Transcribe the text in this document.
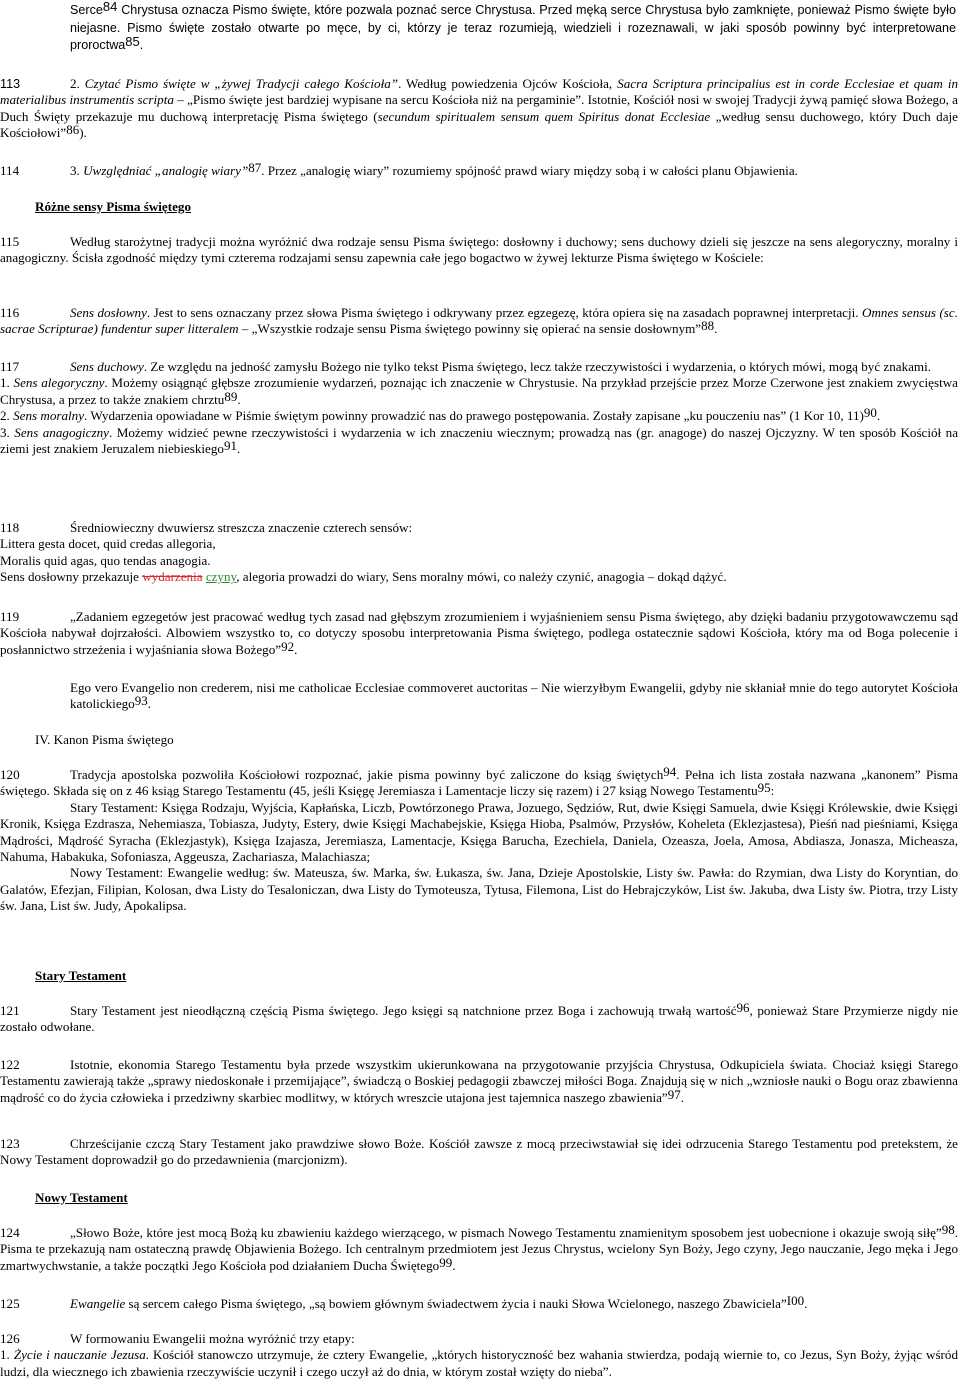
Serce$^{84}$ Chrystusa oznacza Pismo święte, które pozwala poznać serce Chrystusa. Przed męką serce Chrystusa było zamknięte, ponieważ Pismo święte było niejasne. Pismo święte zostało otwarte po męce, by ci, którzy je teraz rozumieją, wiedzieli i rozeznawali, w jaki sposób powinny być interpretowane proroctwa$^{85}$.
113	2. Czytać Pismo święte w „żywej Tradycji całego Kościoła”. Według powiedzenia Ojców Kościoła, Sacra Scriptura principalius est in corde Ecclesiae et quam in materialibus instrumentis scripta – „Pismo święte jest bardziej wypisane na sercu Kościoła niż na pergaminie”. Istotnie, Kościół nosi w swojej Tradycji żywą pamięć słowa Bożego, a Duch Święty przekazuje mu duchową interpretację Pisma świętego (secundum spiritualem sensum quem Spiritus donat Ecclesiae „według sensu duchowego, który Duch daje Kościołowi”$^{86}$).
114	3. Uwzględniać „analogię wiary”$^{87}$. Przez „analogię wiary” rozumiemy spójność prawd wiary między sobą i w całości planu Objawienia.
Różne sensy Pisma świętego
115	Według starożytnej tradycji można wyróżnić dwa rodzaje sensu Pisma świętego: dosłowny i duchowy; sens duchowy dzieli się jeszcze na sens alegoryczny, moralny i anagogiczny. Ścisła zgodność między tymi czterema rodzajami sensu zapewnia całe jego bogactwo w żywej lekturze Pisma świętego w Kościele:
116	Sens dosłowny. Jest to sens oznaczany przez słowa Pisma świętego i odkrywany przez egzegezę, która opiera się na zasadach poprawnej interpretacji. Omnes sensus (sc. sacrae Scripturae) fundentur super litteralem – „Wszystkie rodzaje sensu Pisma świętego powinny się opierać na sensie dosłownym”$^{88}$.
117	Sens duchowy. Ze względu na jedność zamysłu Bożego nie tylko tekst Pisma świętego, lecz także rzeczywistości i wydarzenia, o których mówi, mogą być znakami.
1. Sens alegoryczny. Możemy osiągnąć głębsze zrozumienie wydarzeń, poznając ich znaczenie w Chrystusie. Na przykład przejście przez Morze Czerwone jest znakiem zwycięstwa Chrystusa, a przez to także znakiem chrztu$^{89}$.
2. Sens moralny. Wydarzenia opowiadane w Piśmie świętym powinny prowadzić nas do prawego postępowania. Zostały zapisane „ku pouczeniu nas” (1 Kor 10, 11)$^{90}$.
3. Sens anagogiczny. Możemy widzieć pewne rzeczywistości i wydarzenia w ich znaczeniu wiecznym; prowadzą nas (gr. anagoge) do naszej Ojczyzny. W ten sposób Kościół na ziemi jest znakiem Jeruzalem niebieskiego$^{91}$.
118	Średniowieczny dwuwiersz streszcza znaczenie czterech sensów:
Littera gesta docet, quid credas allegoria,
Moralis quid agas, quo tendas anagogia.
Sens dosłowny przekazuje wydarzenia czyny, alegoria prowadzi do wiary, Sens moralny mówi, co należy czynić, anagogia – dokąd dążyć.
119	„Zadaniem egzegetów jest pracować według tych zasad nad głębszym zrozumieniem i wyjaśnieniem sensu Pisma świętego, aby dzięki badaniu przygotowawczemu sąd Kościoła nabywał dojrzałości. Albowiem wszystko to, co dotyczy sposobu interpretowania Pisma świętego, podlega ostatecznie sądowi Kościoła, który ma od Boga polecenie i posłannictwo strzeżenia i wyjaśniania słowa Bożego”$^{92}$.
Ego vero Evangelio non crederem, nisi me catholicae Ecclesiae commoveret auctoritas – Nie wierzyłbym Ewangelii, gdyby nie skłaniał mnie do tego autorytet Kościoła katolickiego$^{93}$.
IV. Kanon Pisma świętego
120	Tradycja apostolska pozwoliła Kościołowi rozpoznać, jakie pisma powinny być zaliczone do ksiąg świętych$^{94}$. Pełna ich lista została nazwana „kanonem” Pisma świętego. Składa się on z 46 ksiąg Starego Testamentu (45, jeśli Księgę Jeremiasza i Lamentacje liczy się razem) i 27 ksiąg Nowego Testamentu$^{95}$:
Stary Testament: Księga Rodzaju, Wyjścia, Kapłańska, Liczb, Powtórzonego Prawa, Jozuego, Sędziów, Rut, dwie Księgi Samuela, dwie Księgi Królewskie, dwie Księgi Kronik, Księga Ezdrasza, Nehemiasza, Tobiasza, Judyty, Estery, dwie Księgi Machabejskie, Księga Hioba, Psalmów, Przysłów, Koheleta (Eklezjastesa), Pieśń nad pieśniami, Księga Mądrości, Mądrość Syracha (Eklezjastyk), Księga Izajasza, Jeremiasza, Lamentacje, Księga Barucha, Ezechiela, Daniela, Ozeasza, Joela, Amosa, Abdiasza, Jonasza, Micheasza, Nahuma, Habakuka, Sofoniasza, Aggeusza, Zachariasza, Malachiasza;
Nowy Testament: Ewangelie według: św. Mateusza, św. Marka, św. Łukasza, św. Jana, Dzieje Apostolskie, Listy św. Pawła: do Rzymian, dwa Listy do Koryntian, do Galatów, Efezjan, Filipian, Kolosan, dwa Listy do Tesaloniczan, dwa Listy do Tymoteusza, Tytusa, Filemona, List do Hebrajczyków, List św. Jakuba, dwa Listy św. Piotra, trzy Listy św. Jana, List św. Judy, Apokalipsa.
Stary Testament
121	Stary Testament jest nieodłączną częścią Pisma świętego. Jego księgi są natchnione przez Boga i zachowują trwałą wartość$^{96}$, ponieważ Stare Przymierze nigdy nie zostało odwołane.
122	Istotnie, ekonomia Starego Testamentu była przede wszystkim ukierunkowana na przygotowanie przyjścia Chrystusa, Odkupiciela świata. Chociaż księgi Starego Testamentu zawierają także „sprawy niedoskonałe i przemijające”, świadczą o Boskiej pedagogii zbawczej miłości Boga. Znajdują się w nich „wzniosłe nauki o Bogu oraz zbawienna mądrość co do życia człowieka i przedziwny skarbiec modlitwy, w których wreszcie utajona jest tajemnica naszego zbawienia”$^{97}$.
123	Chrześcijanie czczą Stary Testament jako prawdziwe słowo Boże. Kościół zawsze z mocą przeciwstawiał się idei odrzucenia Starego Testamentu pod pretekstem, że Nowy Testament doprowadził go do przedawnienia (marcjonizm).
Nowy Testament
124	„Słowo Boże, które jest mocą Bożą ku zbawieniu każdego wierzącego, w pismach Nowego Testamentu znamienitym sposobem jest uobecnione i okazuje swoją siłę”$^{98}$. Pisma te przekazują nam ostateczną prawdę Objawienia Bożego. Ich centralnym przedmiotem jest Jezus Chrystus, wcielony Syn Boży, Jego czyny, Jego nauczanie, Jego męka i Jego zmartwychwstanie, a także początki Jego Kościoła pod działaniem Ducha Świętego$^{99}$.
125	Ewangelie są sercem całego Pisma świętego, „są bowiem głównym świadectwem życia i nauki Słowa Wcielonego, naszego Zbawiciela”$^{I00}$.
126	W formowaniu Ewangelii można wyróżnić trzy etapy:
1. Życie i nauczanie Jezusa. Kościół stanowczo utrzymuje, że cztery Ewangelie, „których historyczność bez wahania stwierdza, podają wiernie to, co Jezus, Syn Boży, żyjąc wśród ludzi, dla wiecznego ich zbawienia rzeczywiście uczynił i czego uczył aż do dnia, w którym został wzięty do nieba”.
